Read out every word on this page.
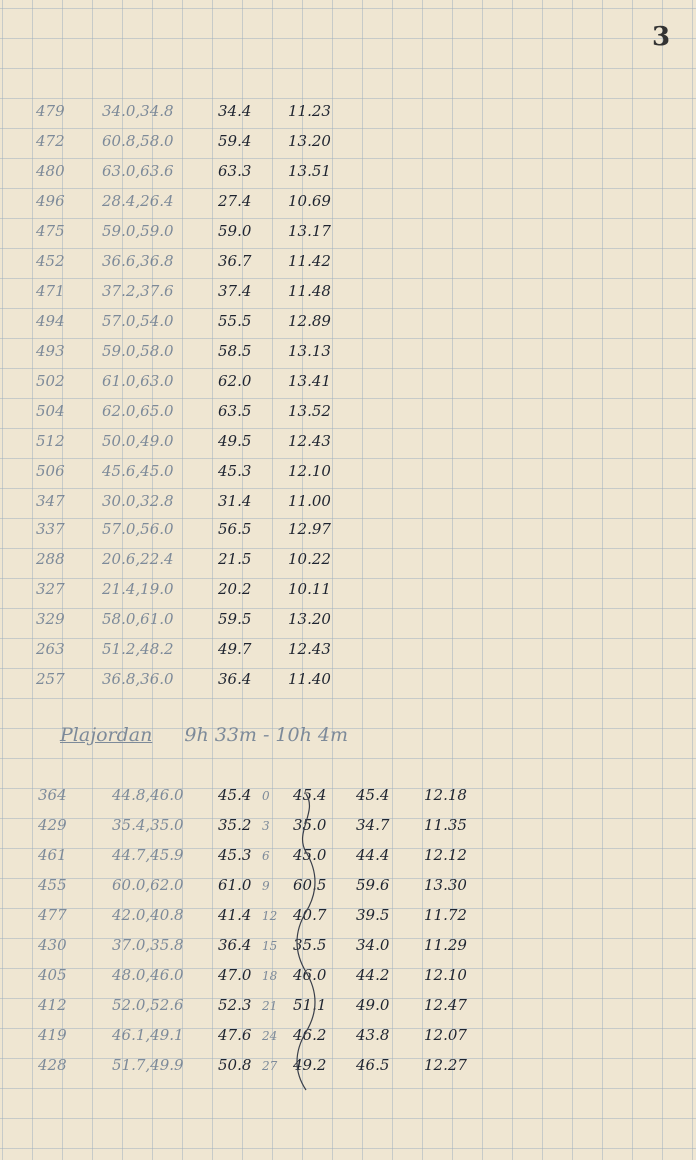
3
479 34.0,34.8	34.4 11.23
472 60.8,58.0	59.4 13.20
480 63.0,63.6	63.3 13.51
496 28.4,26.4	27.4 10.69
475 59.0,59.0	59.0 13.17
452 36.6,36.8	36.7 11.42
471 37.2,37.6	37.4 11.48
494 57.0,54.0	55.5 12.89
493 59.0,58.0	58.5 13.13
502 61.0,63.0	62.0 13.41
504 62.0,65.0	63.5 13.52
512 50.0,49.0	49.5 12.43
506 45.6,45.0	45.3 12.10
347 30.0,32.8	31.4 11.00
337 57.0,56.0	56.5 12.97
288 20.6,22.4	21.5 10.22
327 21.4,19.0	20.2 10.11
329 58.0,61.0	59.5 13.20
263 51.2,48.2	49.7 12.43
257 36.8,36.0	36.4 11.40
Plajordan 9h 33m - 10h 4m
364	44.8,46.0 45.4 0 45.4 45.4 12.18
429	35.4,35.0 35.2 3 35.0 34.7 11.35
461	44.7,45.9 45.3 6 45.0 44.4 12.12
455	60.0,62.0 61.0 9 60.5 59.6 13.30
477	42.0,40.8 41.4 12 40.7 39.5 11.72
430	37.0,35.8 36.4 15 35.5 34.0 11.29
405	48.0,46.0 47.0 18 46.0 44.2 12.10
412	52.0,52.6 52.3 21 51.1 49.0 12.47
419	46.1,49.1 47.6 24 46.2 43.8 12.07
428	51.7,49.9 50.8 27 49.2 46.5 12.27
